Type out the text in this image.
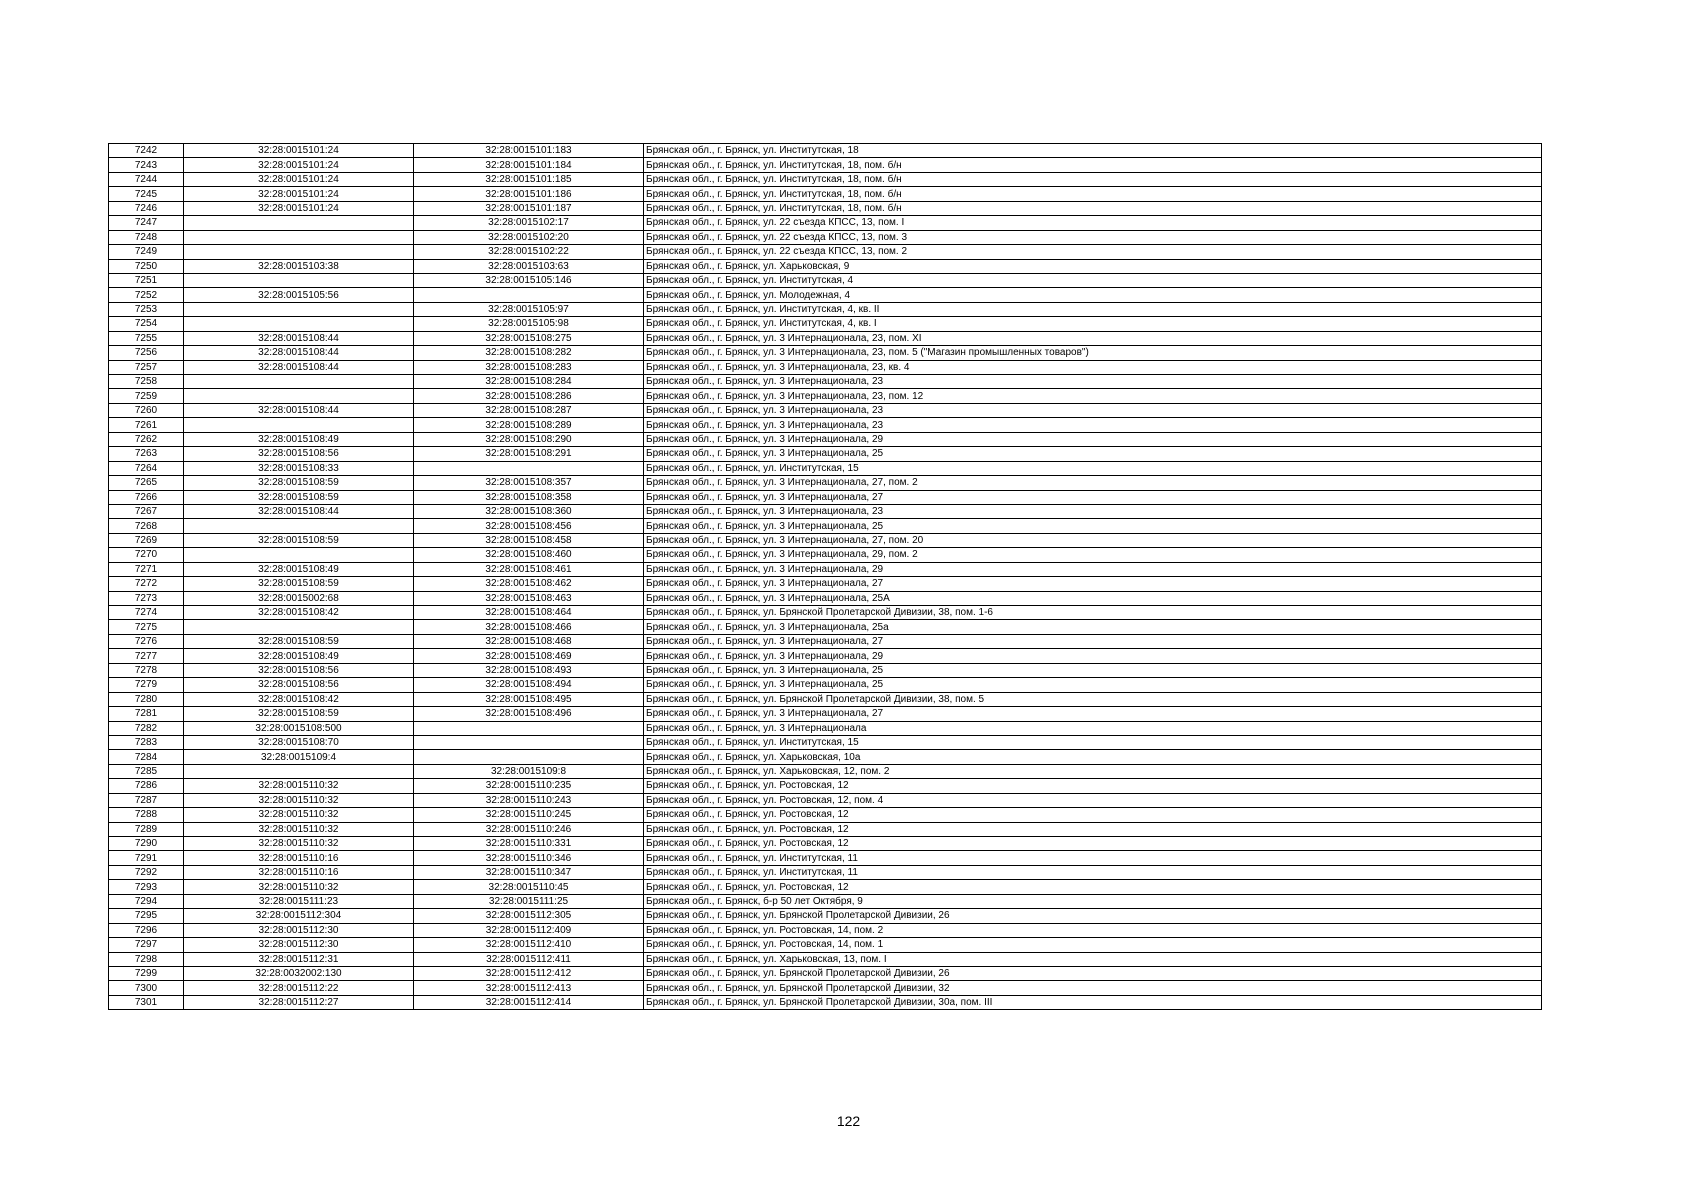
7242	32:28:0015101:24	32:28:0015101:183	Брянская обл., г. Брянск, ул. Институтская, 18
7243	32:28:0015101:24	32:28:0015101:184	Брянская обл., г. Брянск, ул. Институтская, 18, пом. б/н
7244	32:28:0015101:24	32:28:0015101:185	Брянская обл., г. Брянск, ул. Институтская, 18, пом. б/н
7245	32:28:0015101:24	32:28:0015101:186	Брянская обл., г. Брянск, ул. Институтская, 18, пом. б/н
7246	32:28:0015101:24	32:28:0015101:187	Брянская обл., г. Брянск, ул. Институтская, 18, пом. б/н
7247		32:28:0015102:17	Брянская обл., г. Брянск, ул. 22 съезда КПСС, 13, пом. I
7248		32:28:0015102:20	Брянская обл., г. Брянск, ул. 22 съезда КПСС, 13, пом. 3
7249		32:28:0015102:22	Брянская обл., г. Брянск, ул. 22 съезда КПСС, 13, пом. 2
7250	32:28:0015103:38	32:28:0015103:63	Брянская обл., г. Брянск, ул. Харьковская, 9
7251		32:28:0015105:146	Брянская обл., г. Брянск, ул. Институтская, 4
7252	32:28:0015105:56		Брянская обл., г. Брянск, ул. Молодежная, 4
7253		32:28:0015105:97	Брянская обл., г. Брянск, ул. Институтская, 4, кв. II
7254		32:28:0015105:98	Брянская обл., г. Брянск, ул. Институтская, 4, кв. I
7255	32:28:0015108:44	32:28:0015108:275	Брянская обл., г. Брянск, ул. 3 Интернационала, 23, пом. XI
7256	32:28:0015108:44	32:28:0015108:282	Брянская обл., г. Брянск, ул. 3 Интернационала, 23, пом. 5 ("Магазин промышленных товаров")
7257	32:28:0015108:44	32:28:0015108:283	Брянская обл., г. Брянск, ул. 3 Интернационала, 23, кв. 4
7258		32:28:0015108:284	Брянская обл., г. Брянск, ул. 3 Интернационала, 23
7259		32:28:0015108:286	Брянская обл., г. Брянск, ул. 3 Интернационала, 23, пом. 12
7260	32:28:0015108:44	32:28:0015108:287	Брянская обл., г. Брянск, ул. 3 Интернационала, 23
7261		32:28:0015108:289	Брянская обл., г. Брянск, ул. 3 Интернационала, 23
7262	32:28:0015108:49	32:28:0015108:290	Брянская обл., г. Брянск, ул. 3 Интернационала, 29
7263	32:28:0015108:56	32:28:0015108:291	Брянская обл., г. Брянск, ул. 3 Интернационала, 25
7264	32:28:0015108:33		Брянская обл., г. Брянск, ул. Институтская, 15
7265	32:28:0015108:59	32:28:0015108:357	Брянская обл., г. Брянск, ул. 3 Интернационала, 27, пом. 2
7266	32:28:0015108:59	32:28:0015108:358	Брянская обл., г. Брянск, ул. 3 Интернационала, 27
7267	32:28:0015108:44	32:28:0015108:360	Брянская обл., г. Брянск, ул. 3 Интернационала, 23
7268		32:28:0015108:456	Брянская обл., г. Брянск, ул. 3 Интернационала, 25
7269	32:28:0015108:59	32:28:0015108:458	Брянская обл., г. Брянск, ул. 3 Интернационала, 27, пом. 20
7270		32:28:0015108:460	Брянская обл., г. Брянск, ул. 3 Интернационала, 29, пом. 2
7271	32:28:0015108:49	32:28:0015108:461	Брянская обл., г. Брянск, ул. 3 Интернационала, 29
7272	32:28:0015108:59	32:28:0015108:462	Брянская обл., г. Брянск, ул. 3 Интернационала, 27
7273	32:28:0015002:68	32:28:0015108:463	Брянская обл., г. Брянск, ул. 3 Интернационала, 25А
7274	32:28:0015108:42	32:28:0015108:464	Брянская обл., г. Брянск, ул. Брянской Пролетарской Дивизии, 38, пом. 1-6
7275		32:28:0015108:466	Брянская обл., г. Брянск, ул. 3 Интернационала, 25а
7276	32:28:0015108:59	32:28:0015108:468	Брянская обл., г. Брянск, ул. 3 Интернационала, 27
7277	32:28:0015108:49	32:28:0015108:469	Брянская обл., г. Брянск, ул. 3 Интернационала, 29
7278	32:28:0015108:56	32:28:0015108:493	Брянская обл., г. Брянск, ул. 3 Интернационала, 25
7279	32:28:0015108:56	32:28:0015108:494	Брянская обл., г. Брянск, ул. 3 Интернационала, 25
7280	32:28:0015108:42	32:28:0015108:495	Брянская обл., г. Брянск, ул. Брянской Пролетарской Дивизии, 38, пом. 5
7281	32:28:0015108:59	32:28:0015108:496	Брянская обл., г. Брянск, ул. 3 Интернационала, 27
7282	32:28:0015108:500		Брянская обл., г. Брянск, ул. 3 Интернационала
7283	32:28:0015108:70		Брянская обл., г. Брянск, ул. Институтская, 15
7284	32:28:0015109:4		Брянская обл., г. Брянск, ул. Харьковская, 10а
7285		32:28:0015109:8	Брянская обл., г. Брянск, ул. Харьковская, 12, пом. 2
7286	32:28:0015110:32	32:28:0015110:235	Брянская обл., г. Брянск, ул. Ростовская, 12
7287	32:28:0015110:32	32:28:0015110:243	Брянская обл., г. Брянск, ул. Ростовская, 12, пом. 4
7288	32:28:0015110:32	32:28:0015110:245	Брянская обл., г. Брянск, ул. Ростовская, 12
7289	32:28:0015110:32	32:28:0015110:246	Брянская обл., г. Брянск, ул. Ростовская, 12
7290	32:28:0015110:32	32:28:0015110:331	Брянская обл., г. Брянск, ул. Ростовская, 12
7291	32:28:0015110:16	32:28:0015110:346	Брянская обл., г. Брянск, ул. Институтская, 11
7292	32:28:0015110:16	32:28:0015110:347	Брянская обл., г. Брянск, ул. Институтская, 11
7293	32:28:0015110:32	32:28:0015110:45	Брянская обл., г. Брянск, ул. Ростовская, 12
7294	32:28:0015111:23	32:28:0015111:25	Брянская обл., г. Брянск, б-р 50 лет Октября, 9
7295	32:28:0015112:304	32:28:0015112:305	Брянская обл., г. Брянск, ул. Брянской Пролетарской Дивизии, 26
7296	32:28:0015112:30	32:28:0015112:409	Брянская обл., г. Брянск, ул. Ростовская, 14, пом. 2
7297	32:28:0015112:30	32:28:0015112:410	Брянская обл., г. Брянск, ул. Ростовская, 14, пом. 1
7298	32:28:0015112:31	32:28:0015112:411	Брянская обл., г. Брянск, ул. Харьковская, 13, пом. I
7299	32:28:0032002:130	32:28:0015112:412	Брянская обл., г. Брянск, ул. Брянской Пролетарской Дивизии, 26
7300	32:28:0015112:22	32:28:0015112:413	Брянская обл., г. Брянск, ул. Брянской Пролетарской Дивизии, 32
7301	32:28:0015112:27	32:28:0015112:414	Брянская обл., г. Брянск, ул. Брянской Пролетарской Дивизии, 30а, пом. III
122
